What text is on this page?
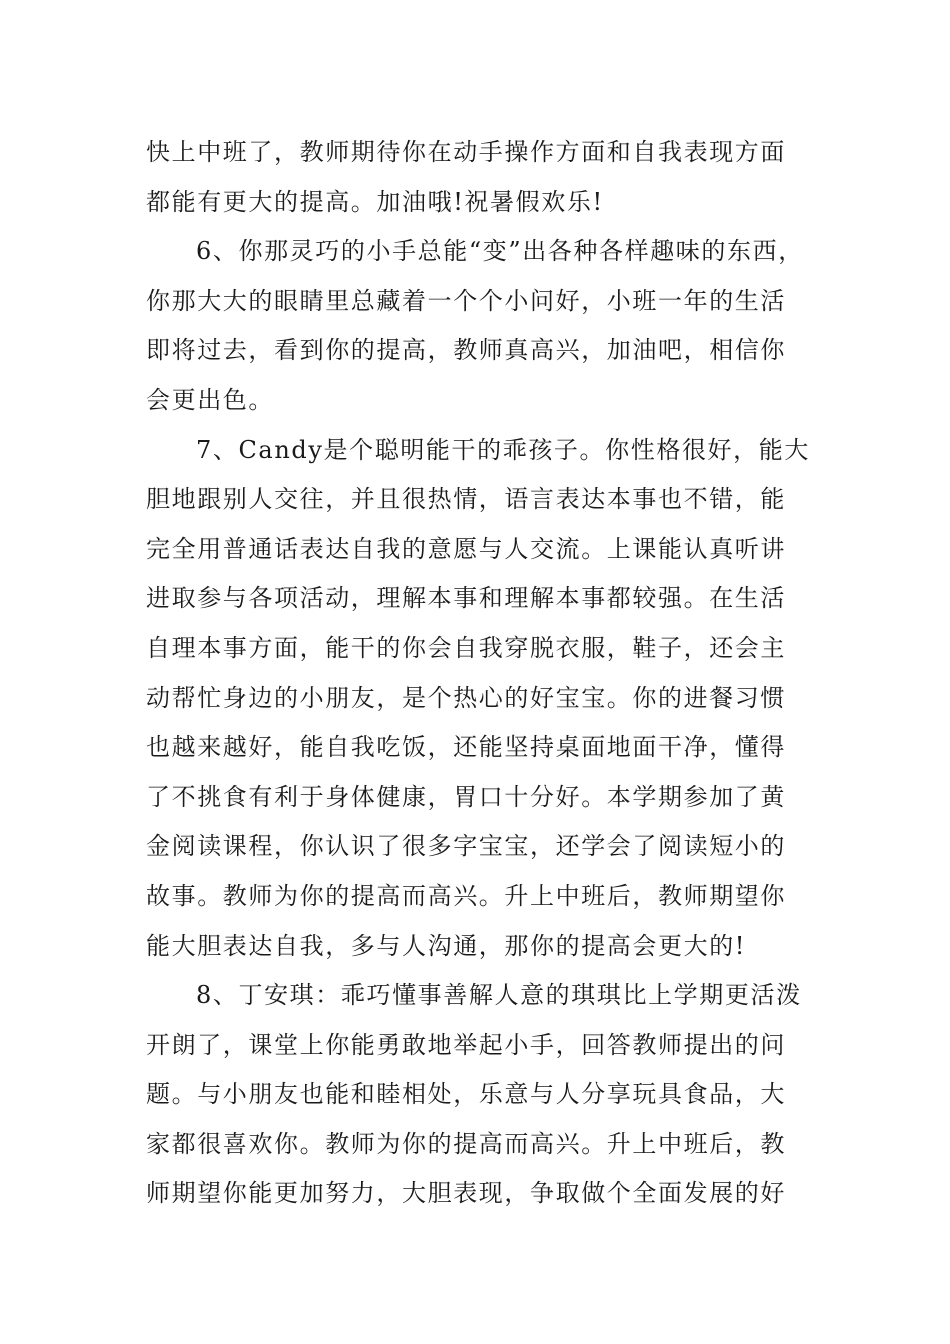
快上中班了，教师期待你在动手操作方面和自我表现方面
都能有更大的提高。加油哦!祝暑假欢乐!
6、你那灵巧的小手总能“变”出各种各样趣味的东西，
你那大大的眼睛里总藏着一个个小问好，小班一年的生活
即将过去，看到你的提高，教师真高兴，加油吧，相信你
会更出色。
7、Candy是个聪明能干的乖孩子。你性格很好，能大
胆地跟别人交往，并且很热情，语言表达本事也不错，能
完全用普通话表达自我的意愿与人交流。上课能认真听讲
进取参与各项活动，理解本事和理解本事都较强。在生活
自理本事方面，能干的你会自我穿脱衣服，鞋子，还会主
动帮忙身边的小朋友，是个热心的好宝宝。你的进餐习惯
也越来越好，能自我吃饭，还能坚持桌面地面干净，懂得
了不挑食有利于身体健康，胃口十分好。本学期参加了黄
金阅读课程，你认识了很多字宝宝，还学会了阅读短小的
故事。教师为你的提高而高兴。升上中班后，教师期望你
能大胆表达自我，多与人沟通，那你的提高会更大的!
8、丁安琪：乖巧懂事善解人意的琪琪比上学期更活泼
开朗了，课堂上你能勇敢地举起小手，回答教师提出的问
题。与小朋友也能和睦相处，乐意与人分享玩具食品，大
家都很喜欢你。教师为你的提高而高兴。升上中班后，教
师期望你能更加努力，大胆表现，争取做个全面发展的好
